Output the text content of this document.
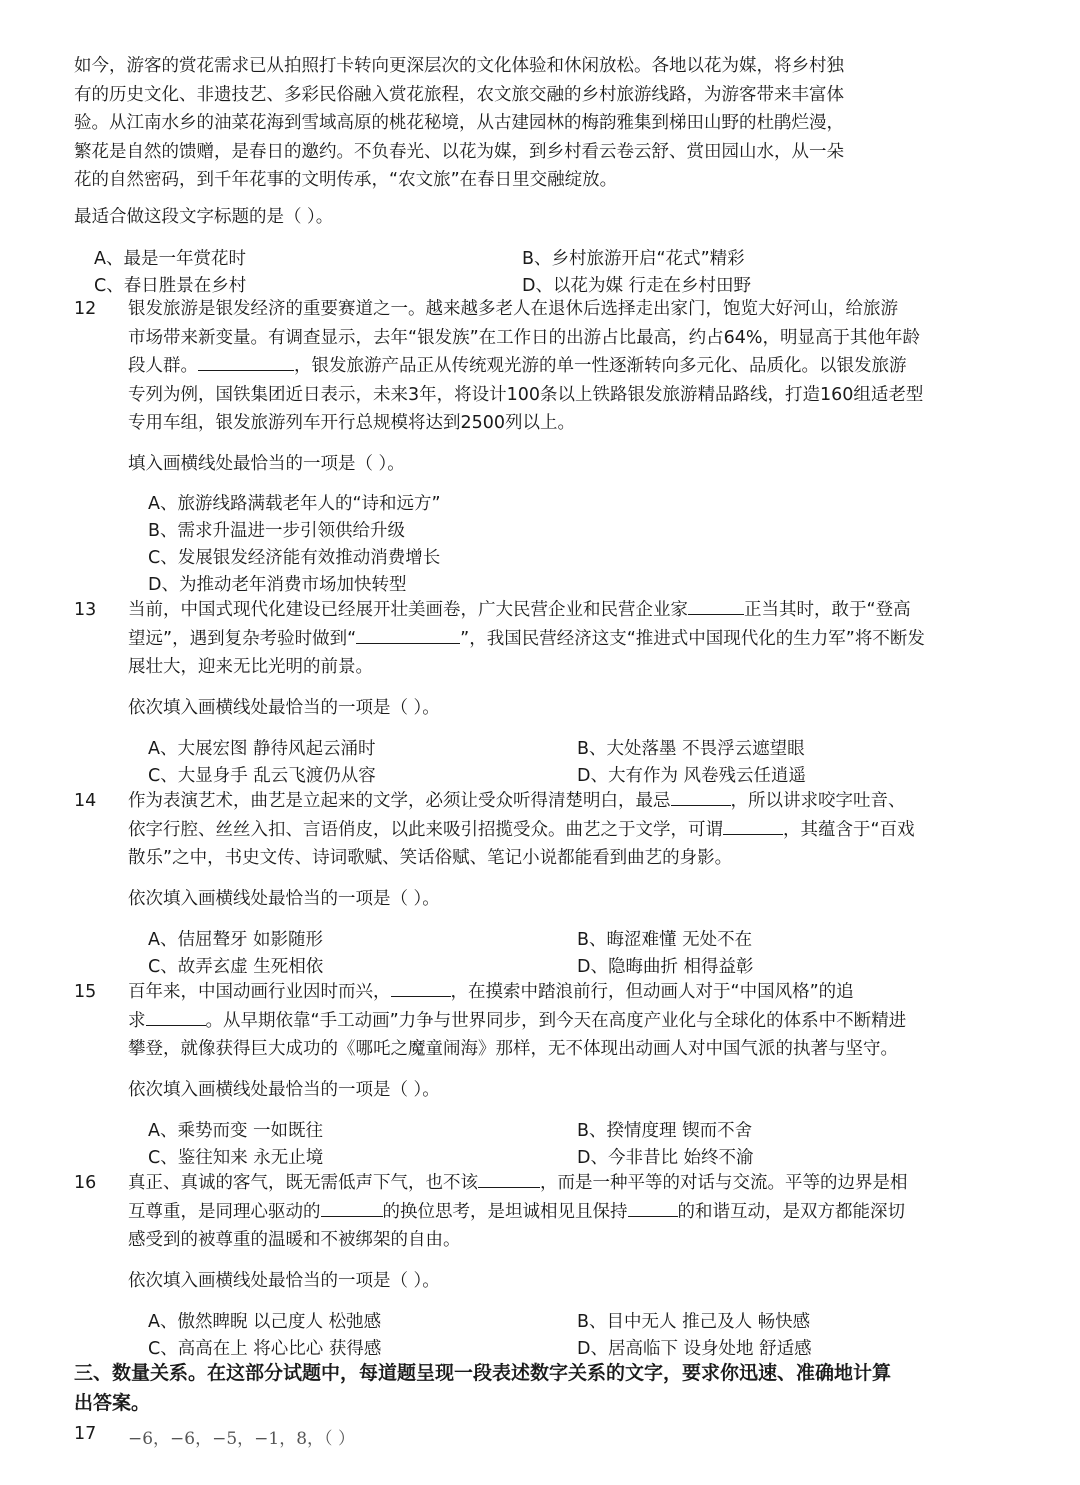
如今，游客的赏花需求已从拍照打卡转向更深层次的文化体验和休闲放松。各地以花为媒，将乡村独
有的历史文化、非遗技艺、多彩民俗融入赏花旅程，农文旅交融的乡村旅游线路，为游客带来丰富体
验。从江南水乡的油菜花海到雪域高原的桃花秘境，从古建园林的梅韵雅集到梯田山野的杜鹃烂漫，
繁花是自然的馈赠，是春日的邀约。不负春光、以花为媒，到乡村看云卷云舒、赏田园山水，从一朵
花的自然密码，到千年花事的文明传承，“农文旅”在春日里交融绽放。
最适合做这段文字标题的是（ ）。
A、最是一年赏花时	B、乡村旅游开启“花式”精彩
C、春日胜景在乡村	D、以花为媒 行走在乡村田野
12 银发旅游是银发经济的重要赛道之一。越来越多老人在退休后选择走出家门，饱览大好河山，给旅游
市场带来新变量。有调查显示，去年“银发族”在工作日的出游占比最高，约占64%，明显高于其他年龄
段人群。	，银发旅游产品正从传统观光游的单一性逐渐转向多元化、品质化。以银发旅游
专列为例，国铁集团近日表示，未来3年，将设计100条以上铁路银发旅游精品路线，打造160组适老型
专用车组，银发旅游列车开行总规模将达到2500列以上。
填入画横线处最恰当的一项是（ ）。
A、旅游线路满载老年人的“诗和远方”
B、需求升温进一步引领供给升级
C、发展银发经济能有效推动消费增长
D、为推动老年消费市场加快转型
13 当前，中国式现代化建设已经展开壮美画卷，广大民营企业和民营企业家	正当其时，敢于“登高
望远”，遇到复杂考验时做到“	”，我国民营经济这支“推进式中国现代化的生力军”将不断发
展壮大，迎来无比光明的前景。
依次填入画横线处最恰当的一项是（ ）。
A、大展宏图 静待风起云涌时	B、大处落墨 不畏浮云遮望眼
C、大显身手 乱云飞渡仍从容	D、大有作为 风卷残云任逍遥
14 作为表演艺术，曲艺是立起来的文学，必须让受众听得清楚明白，最忌	，所以讲求咬字吐音、
依字行腔、丝丝入扣、言语俏皮，以此来吸引招揽受众。曲艺之于文学，可谓	，其蕴含于“百戏
散乐”之中，书史文传、诗词歌赋、笑话俗赋、笔记小说都能看到曲艺的身影。
依次填入画横线处最恰当的一项是（ ）。
A、佶屈聱牙 如影随形	B、晦涩难懂 无处不在
C、故弄玄虚 生死相依	D、隐晦曲折 相得益彰
15 百年来，中国动画行业因时而兴，	，在摸索中踏浪前行，但动画人对于“中国风格”的追
求	。从早期依靠“手工动画”力争与世界同步，到今天在高度产业化与全球化的体系中不断精进
攀登，就像获得巨大成功的《哪吒之魔童闹海》那样，无不体现出动画人对中国气派的执著与坚守。
依次填入画横线处最恰当的一项是（ ）。
A、乘势而变 一如既往	B、揆情度理 锲而不舍
C、鉴往知来 永无止境	D、今非昔比 始终不渝
16 真正、真诚的客气，既无需低声下气，也不该	，而是一种平等的对话与交流。平等的边界是相
互尊重，是同理心驱动的	的换位思考，是坦诚相见且保持	的和谐互动，是双方都能深切
感受到的被尊重的温暖和不被绑架的自由。
依次填入画横线处最恰当的一项是（ ）。
A、傲然睥睨 以己度人 松弛感	B、目中无人 推己及人 畅快感
C、高高在上 将心比心 获得感	D、居高临下 设身处地 舒适感
三、数量关系。在这部分试题中，每道题呈现一段表述数字关系的文字，要求你迅速、准确地计算
出答案。
17 −6，−6，−5，−1，8，（ ）
